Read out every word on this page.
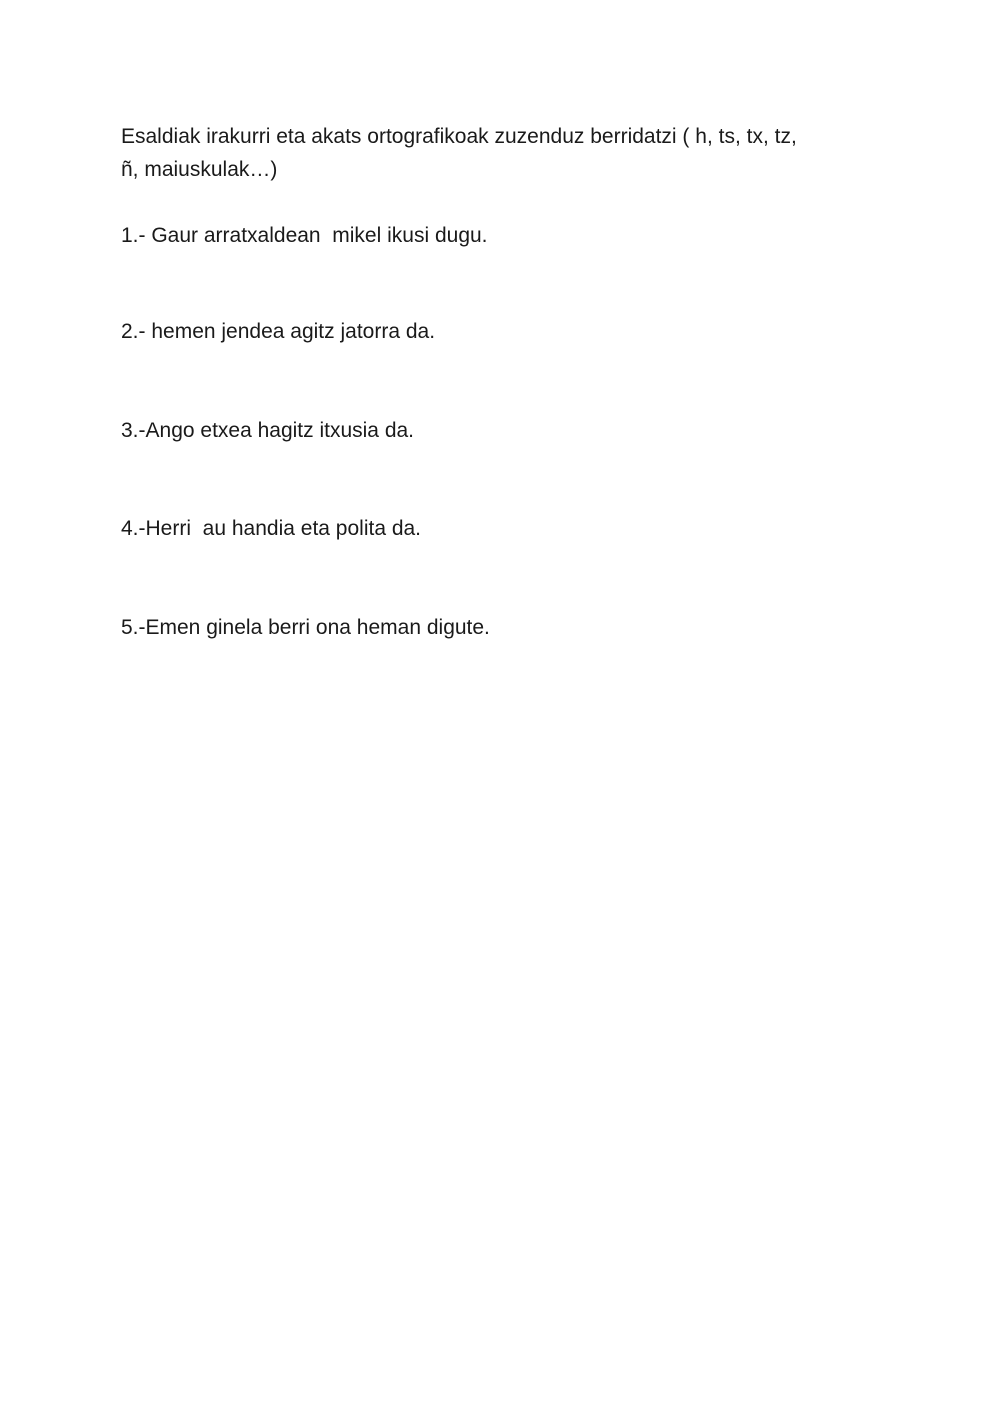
Esaldiak irakurri eta akats ortografikoak zuzenduz berridatzi ( h, ts, tx, tz,
ñ, maiuskulak…)

1.- Gaur arratxaldean  mikel ikusi dugu.

2.- hemen jendea agitz jatorra da.

3.-Ango etxea hagitz itxusia da.

4.-Herri  au handia eta polita da.

5.-Emen ginela berri ona heman digute.
